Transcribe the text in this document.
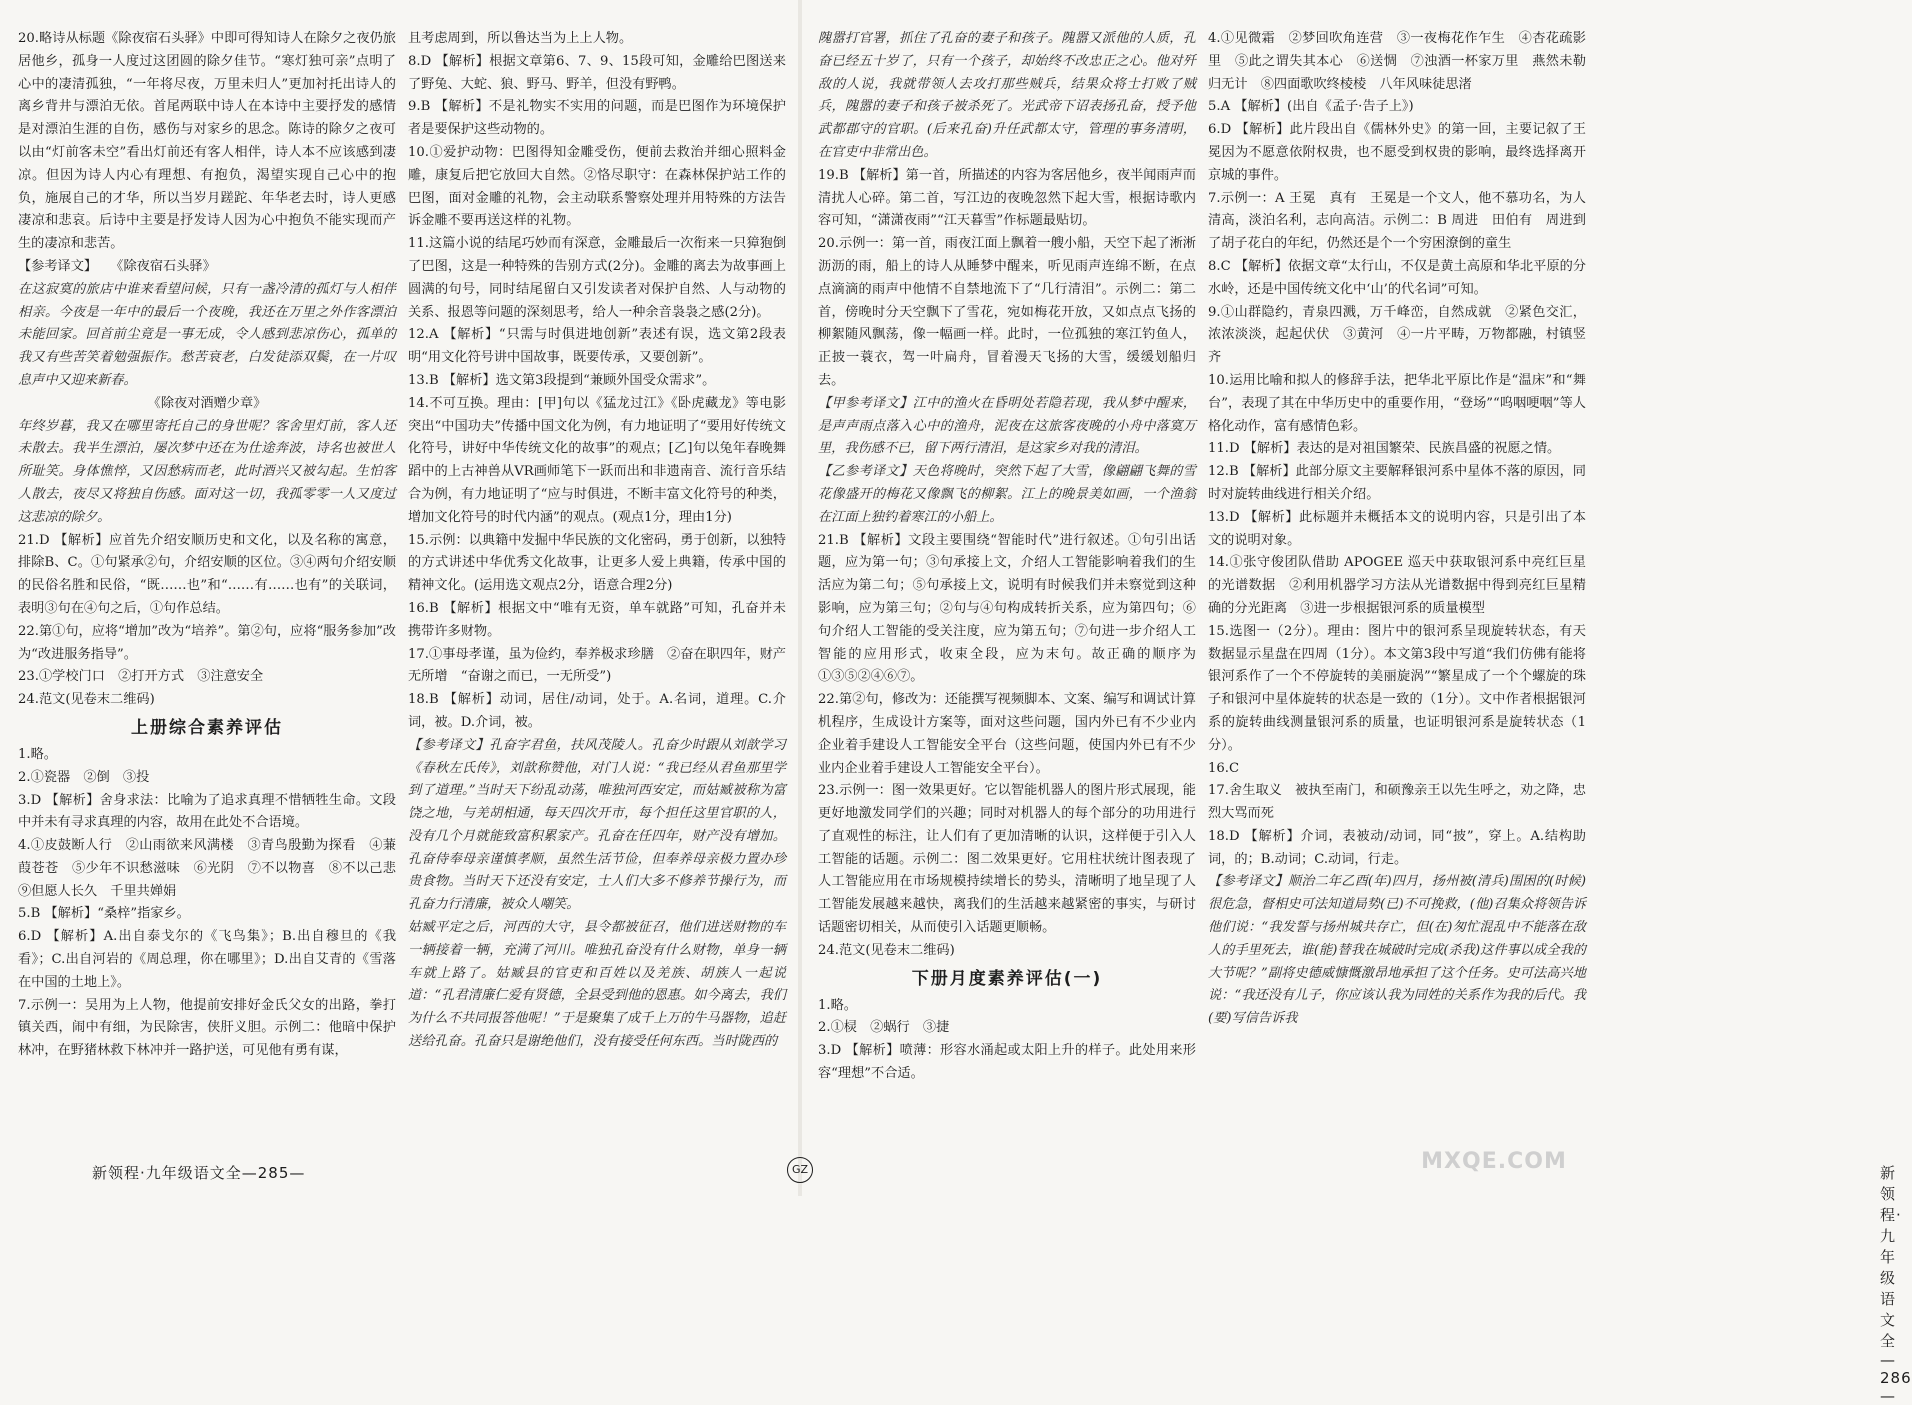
20.略诗从标题《除夜宿石头驿》中即可得知诗人在除夕之夜仍旅居他乡，孤身一人度过这团圆的除夕佳节。“寒灯独可亲”点明了心中的凄清孤独，“一年将尽夜，万里未归人”更加衬托出诗人的离乡背井与漂泊无依。首尾两联中诗人在本诗中主要抒发的感情是对漂泊生涯的自伤，感伤与对家乡的思念。陈诗的除夕之夜可以由“灯前客未空”看出灯前还有客人相伴，诗人本不应该感到凄凉。但因为诗人内心有理想、有抱负，渴望实现自己心中的抱负，施展自己的才华，所以当岁月蹉跎、年华老去时，诗人更感凄凉和悲哀。后诗中主要是抒发诗人因为心中抱负不能实现而产生的凄凉和悲苦。

【参考译文】　　《除夜宿石头驿》

在这寂寞的旅店中谁来看望问候，只有一盏冷清的孤灯与人相伴相亲。今夜是一年中的最后一个夜晚，我还在万里之外作客漂泊未能回家。回首前尘竟是一事无成，令人感到悲凉伤心，孤单的我又有些苦笑着勉强振作。愁苦衰老，白发徒添双鬓，在一片叹息声中又迎来新春。

《除夜对酒赠少章》

年终岁暮，我又在哪里寄托自己的身世呢？客舍里灯前，客人还未散去。我半生漂泊，屡次梦中还在为仕途奔波，诗名也被世人所耻笑。身体憔悴，又因愁病而老，此时酒兴又被勾起。生怕客人散去，夜尽又将独自伤感。面对这一切，我孤零零一人又度过这悲凉的除夕。

21.D 【解析】应首先介绍安顺历史和文化，以及名称的寓意，排除B、C。①句紧承②句，介绍安顺的区位。③④两句介绍安顺的民俗名胜和民俗，“既……也”和“……有……也有”的关联词，表明③句在④句之后，①句作总结。

22.第①句，应将“增加”改为“培养”。第②句，应将“服务参加”改为“改进服务指导”。

23.①学校门口　②打开方式　③注意安全

24.范文(见卷末二维码)

上册综合素养评估

1.略。

2.①瓷器　②倒　③投

3.D 【解析】舍身求法：比喻为了追求真理不惜牺牲生命。文段中并未有寻求真理的内容，故用在此处不合语境。

4.①皮鼓断人行　②山雨欲来风满楼　③青鸟殷勤为探看　④蒹葭苍苍　⑤少年不识愁滋味　⑥光阴　⑦不以物喜　⑧不以己悲　⑨但愿人长久　千里共婵娟

5.B 【解析】“桑梓”指家乡。

6.D 【解析】A.出自泰戈尔的《飞鸟集》；B.出自穆旦的《我看》；C.出自河岩的《周总理，你在哪里》；D.出自艾青的《雪落在中国的土地上》。

7.示例一：吴用为上人物，他提前安排好金氏父女的出路，拳打镇关西，闹中有细，为民除害，侠肝义胆。示例二：他暗中保护林冲，在野猪林救下林冲并一路护送，可见他有勇有谋，

且考虑周到，所以鲁达当为上上人物。

8.D 【解析】根据文章第6、7、9、15段可知，金雕给巴图送来了野兔、大蛇、狼、野马、野羊，但没有野鸭。

9.B 【解析】不是礼物实不实用的问题，而是巴图作为环境保护者是要保护这些动物的。

10.①爱护动物：巴图得知金雕受伤，便前去救治并细心照料金雕，康复后把它放回大自然。②恪尽职守：在森林保护站工作的巴图，面对金雕的礼物，会主动联系警察处理并用特殊的方法告诉金雕不要再送这样的礼物。

11.这篇小说的结尾巧妙而有深意，金雕最后一次衔来一只獐狍倒了巴图，这是一种特殊的告别方式(2分)。金雕的离去为故事画上圆满的句号，同时结尾留白又引发读者对保护自然、人与动物的关系、报恩等问题的深刻思考，给人一种余音袅袅之感(2分)。

12.A 【解析】“只需与时俱进地创新”表述有误，选文第2段表明“用文化符号讲中国故事，既要传承，又要创新”。

13.B 【解析】选文第3段提到“兼顾外国受众需求”。

14.不可互换。理由：[甲]句以《猛龙过江》《卧虎藏龙》等电影突出“中国功夫”传播中国文化为例，有力地证明了“要用好传统文化符号，讲好中华传统文化的故事”的观点；[乙]句以兔年春晚舞蹈中的上古神兽从VR画师笔下一跃而出和非遗南音、流行音乐结合为例，有力地证明了“应与时俱进，不断丰富文化符号的种类，增加文化符号的时代内涵”的观点。(观点1分，理由1分)

15.示例：以典籍中发掘中华民族的文化密码，勇于创新，以独特的方式讲述中华优秀文化故事，让更多人爱上典籍，传承中国的精神文化。(运用选文观点2分，语意合理2分)

16.B 【解析】根据文中“唯有无资，单车就路”可知，孔奋并未携带许多财物。

17.①事母孝谨，虽为俭约，奉养极求珍膳　②奋在职四年，财产无所增　“奋谢之而已，一无所受”)

18.B 【解析】动词，居住/动词，处于。A.名词，道理。C.介词，被。D.介词，被。

【参考译文】孔奋字君鱼，扶风茂陵人。孔奋少时跟从刘歆学习《春秋左氏传》，刘歆称赞他，对门人说：“我已经从君鱼那里学到了道理。”当时天下纷乱动荡，唯独河西安定，而姑臧被称为富饶之地，与羌胡相通，每天四次开市，每个担任这里官职的人，没有几个月就能致富积累家产。孔奋在任四年，财产没有增加。孔奋侍奉母亲谨慎孝顺，虽然生活节俭，但奉养母亲极力置办珍贵食物。当时天下还没有安定，士人们大多不修养节操行为，而孔奋力行清廉，被众人嘲笑。

姑臧平定之后，河西的大守，县令都被征召，他们进送财物的车一辆接着一辆，充满了河川。唯独孔奋没有什么财物，单身一辆车就上路了。姑臧县的官吏和百姓以及羌族、胡族人一起说道：“孔君清廉仁爱有贤德，全县受到他的恩惠。如今离去，我们为什么不共同报答他呢！”于是聚集了成千上万的牛马器物，追赶送给孔奋。孔奋只是谢绝他们，没有接受任何东西。当时陇西的

新领程·九年级语文全—285—	GZ

隗嚣打官署，抓住了孔奋的妻子和孩子。隗嚣又派他的人质，孔奋已经五十岁了，只有一个孩子，却始终不改忠正之心。他对歼敌的人说，我就带领人去攻打那些贼兵，结果众将士打败了贼兵，隗嚣的妻子和孩子被杀死了。光武帝下诏表扬孔奋，授予他武都郡守的官职。(后来孔奋)升任武都太守，管理的事务清明，在官吏中非常出色。

19.B 【解析】第一首，所描述的内容为客居他乡，夜半闻雨声而清扰人心碎。第二首，写江边的夜晚忽然下起大雪，根据诗歌内容可知，“潇潇夜雨”“江天暮雪”作标题最贴切。

20.示例一：第一首，雨夜江面上飘着一艘小船，天空下起了淅淅沥沥的雨，船上的诗人从睡梦中醒来，听见雨声连绵不断，在点点滴滴的雨声中他情不自禁地流下了“几行清泪”。示例二：第二首，傍晚时分天空飘下了雪花，宛如梅花开放，又如点点飞扬的柳絮随风飘荡，像一幅画一样。此时，一位孤独的寒江钓鱼人，正披一蓑衣，驾一叶扁舟，冒着漫天飞扬的大雪，缓缓划船归去。

【甲参考译文】江中的渔火在昏明处若隐若现，我从梦中醒来，是声声雨点落入心中的渔舟，泥夜在这旅客夜晚的小舟中落寞万里，我伤感不已，留下两行清泪，是这家乡对我的清泪。

【乙参考译文】天色将晚时，突然下起了大雪，像翩翩飞舞的雪花像盛开的梅花又像飘飞的柳絮。江上的晚景美如画，一个渔翁在江面上独钓着寒江的小船上。

21.B 【解析】文段主要围绕“智能时代”进行叙述。①句引出话题，应为第一句；③句承接上文，介绍人工智能影响着我们的生活应为第二句；⑤句承接上文，说明有时候我们并未察觉到这种影响，应为第三句；②句与④句构成转折关系，应为第四句；⑥句介绍人工智能的受关注度，应为第五句；⑦句进一步介绍人工智能的应用形式，收束全段，应为末句。故正确的顺序为①③⑤②④⑥⑦。

22.第②句，修改为：还能撰写视频脚本、文案、编写和调试计算机程序，生成设计方案等，面对这些问题，国内外已有不少业内企业着手建设人工智能安全平台（这些问题，使国内外已有不少业内企业着手建设人工智能安全平台）。

23.示例一：图一效果更好。它以智能机器人的图片形式展现，能更好地激发同学们的兴趣；同时对机器人的每个部分的功用进行了直观性的标注，让人们有了更加清晰的认识，这样便于引入人工智能的话题。示例二：图二效果更好。它用柱状统计图表现了人工智能应用在市场规模持续增长的势头，清晰明了地呈现了人工智能发展越来越快，离我们的生活越来越紧密的事实，与研讨话题密切相关，从而使引入话题更顺畅。

24.范文(见卷末二维码)

下册月度素养评估(一)

1.略。

2.①棂　②蜗行　③捷

3.D 【解析】喷薄：形容水涌起或太阳上升的样子。此处用来形容“理想”不合适。

4.①见微霜　②梦回吹角连营　③一夜梅花作乍生　④杏花疏影里　⑤此之谓失其本心　⑥送惆　⑦浊酒一杯家万里　燕然未勒归无计　⑧四面歌吹终棱棱　八年风味徒思渚

5.A 【解析】(出自《孟子·告子上》)

6.D 【解析】此片段出自《儒林外史》的第一回，主要记叙了王冕因为不愿意依附权贵，也不愿受到权贵的影响，最终选择离开京城的事件。

7.示例一：A 王冕　真有　王冕是一个文人，他不慕功名，为人清高，淡泊名利，志向高洁。示例二：B 周进　田伯有　周进到了胡子花白的年纪，仍然还是个一个穷困潦倒的童生

8.C 【解析】依据文章“太行山，不仅是黄土高原和华北平原的分水岭，还是中国传统文化中‘山’的代名词”可知。

9.①山群隐约，青泉四溅，万千峰峦，自然成就　②紧色交汇，浓浓淡淡，起起伏伏　③黄河　④一片平畴，万物都融，村镇竖齐

10.运用比喻和拟人的修辞手法，把华北平原比作是“温床”和“舞台”，表现了其在中华历史中的重要作用，“登场”“呜咽哽咽”等人格化动作，富有感情色彩。

11.D 【解析】表达的是对祖国繁荣、民族昌盛的祝愿之情。

12.B 【解析】此部分原文主要解释银河系中星体不落的原因，同时对旋转曲线进行相关介绍。

13.D 【解析】此标题并未概括本文的说明内容，只是引出了本文的说明对象。

14.①张守俊团队借助 APOGEE 巡天中获取银河系中亮红巨星的光谱数据　②利用机器学习方法从光谱数据中得到亮红巨星精确的分光距离　③进一步根据银河系的质量模型

15.选图一（2分）。理由：图片中的银河系呈现旋转状态，有天数据显示星盘在四周（1分）。本文第3段中写道“我们仿佛有能将银河系作了一个不停旋转的美丽旋涡”“繁星成了一个个螺旋的珠子和银河中星体旋转的状态是一致的（1分）。文中作者根据银河系的旋转曲线测量银河系的质量，也证明银河系是旋转状态（1分）。

16.C

17.舍生取义　被执至南门，和硕豫亲王以先生呼之，劝之降，忠烈大骂而死

18.D 【解析】介词，表被动/动词，同“披”，穿上。A.结构助词，的；B.动词；C.动词，行走。

【参考译文】顺治二年乙酉(年)四月，扬州被(清兵)围困的(时候)很危急，督相史可法知道局势(已)不可挽救，(他)召集众将领告诉他们说：“我发誓与扬州城共存亡，但(在)匆忙混乱中不能落在敌人的手里死去，谁(能)替我在城破时完成(杀我)这件事以成全我的大节呢？”副将史德威慷慨激昂地承担了这个任务。史可法高兴地说：“我还没有儿子，你应该认我为同姓的关系作为我的后代。我(要)写信告诉我

新领程·九年级语文全—286—
MXQE.COM
